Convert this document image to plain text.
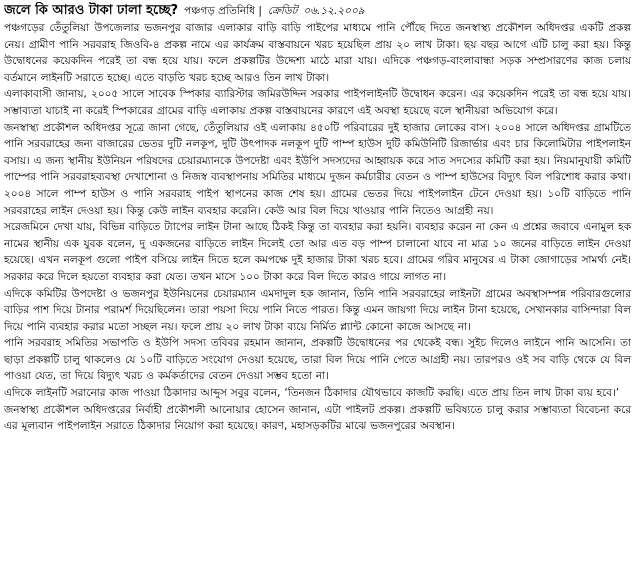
জলে কি আরও টাকা ঢালা হচ্ছে? পঞ্চগড় প্রতিনিধি | ক্রেডিট ০৬.১২.২০০৯

পঞ্চগড়ের তেঁতুলিয়া উপজেলার ভজনপুর বাজার এলাকার বাড়ি বাড়ি পাইপের মাধ্যমে পানি পৌঁছে দিতে জনস্বাস্থ্য প্রকৌশল অধিদপ্তর একটি প্রকল্প নেয়। গ্রামীণ পানি সরবরাহ জিওবি-৪ প্রকল্প নামে এর কার্যক্রম বাস্তবায়নে খরচ হয়েছিল প্রায় ২০ লাখ টাকা। ছয় বছর আগে এটি চালু করা হয়। কিন্তু উদ্বোধনের কয়েকদিন পরেই তা বন্ধ হয়ে যায়। ফলে প্রকল্পটির উদ্দেশ্য মাঠে মারা যায়। এদিকে পঞ্চগড়-বাংলাবান্ধা সড়ক সম্প্রসারণের কাজ চলায় বর্তমানে লাইনটি সরাতে হচ্ছে। এতে বাড়তি খরচ হচ্ছে আরও তিন লাখ টাকা।

এলাকাবাসী জানায়, ২০০৫ সালে সাবেক স্পিকার ব্যারিস্টার জমিরউদ্দিন সরকার পাইপলাইনটি উদ্বোধন করেন। এর কয়েকদিন পরেই তা বন্ধ হয়ে যায়। সম্ভাব্যতা যাচাই না করেই স্পিকারের গ্রামের বাড়ি এলাকায় প্রকল্প বাস্তবায়নের কারণে এই অবস্থা হয়েছে বলে স্থানীয়রা অভিযোগ করে।

জনস্বাস্থ্য প্রকৌশল অধিদপ্তর সূত্রে জানা গেছে, তেঁতুলিয়ার ওই এলাকায় ৪৫০টি পরিবারের দুই হাজার লোকের বাস। ২০০৪ সালে অধিদপ্তর গ্রামটিতে পানি সরবরাহের জন্য বাজারের ভেতর দুটি নলকূপ, দুটি উৎপাদক নলকূপ দুটি পাম্প হাউস দুটি কমিউনিটি রিজার্ভার এবং চার কিলোমিটার পাইপলাইন বসায়। এ জন্য স্থানীয় ইউনিয়ন পরিষদের চেয়ারম্যানকে উপদেষ্টা এবং ইউপি সদস্যদের আহ্বায়ক করে সাত সদস্যের কমিটি করা হয়। নিয়মানুযায়ী কমিটি পাম্পের পানি সরবরাহব্যবস্থা দেখাশোনা ও নিজস্ব ব্যবস্থাপনায় সমিতির মাধ্যমে দুজন কর্মচারীর বেতন ও পাম্প হাউসের বিদ্যুৎ বিল পরিশোধ করার কথা। ২০০৪ সালে পাম্প হাউস ও পানি সরবরাহ পাইপ স্থাপনের কাজ শেষ হয়। গ্রামের ভেতর দিয়ে পাইপলাইন টেনে দেওয়া হয়। ১০টি বাড়িতে পানি সরবরাহের লাইন দেওয়া হয়। কিন্তু কেউ লাইন ব্যবহার করেনি। কেউ আর বিল দিয়ে খাওয়ার পানি নিতেও আগ্রহী নয়।

সরেজমিনে দেখা যায়, বিভিন্ন বাড়িতে ট্যাপের লাইন টানা আছে ঠিকই কিন্তু তা ব্যবহার করা হয়নি। ব্যবহার করেন না কেন এ প্রশ্নের জবাবে এনামুল হক নামের স্থানীয় এক যুবক বলেন, দু একজনের বাড়িতে লাইন দিলেই তো আর এত বড় পাম্প চালানো যাবে না মাত্র ১০ জনের বাড়িতে লাইন দেওয়া হয়েছে। এখন নলকূপ গুলো পাইপ বসিয়ে লাইন দিতে হলে কমপক্ষে দুই হাজার টাকা খরচ হবে। গ্রামের গরিব মানুষের এ টাকা জোগাড়ের সামর্থ্য নেই। সরকার করে দিলে হয়তো ব্যবহার করা যেত। তখন মাসে ১০০ টাকা করে বিল দিতে কারও গায়ে লাগত না।

এদিকে কমিটির উপদেষ্টা ও ভজনপুর ইউনিয়নের চেয়ারম্যান এমদাদুল হক জানান, তিনি পানি সরবরাহের লাইনটা গ্রামের অবস্থাসম্পন্ন পরিবারগুলোর বাড়ির পাশ দিয়ে টানার পরামর্শ দিয়েছিলেন। তারা পয়সা দিয়ে পানি নিতে পারত। কিন্তু এমন জায়গা দিয়ে লাইন টানা হয়েছে, সেখানকার বাসিন্দারা বিল দিয়ে পানি ব্যবহার করার মতো সচ্ছল নয়। ফলে প্রায় ২০ লাখ টাকা ব্যয়ে নির্মিত প্ল্যান্ট কোনো কাজে আসছে না।

পানি সরবরাহ সমিতির সভাপতি ও ইউপি সদস্য তবিবর রহমান জানান, প্রকল্পটি উদ্বোধনের পর থেকেই বন্ধ। সুইচ দিলেও লাইনে পানি আসেনি। তা ছাড়া প্রকল্পটি চালু থাকলেও যে ১০টি বাড়িতে সংযোগ দেওয়া হয়েছে, তারা বিল দিয়ে পানি পেতে আগ্রহী নয়। তারপরও ওই সব বাড়ি থেকে যে বিল পাওয়া যেত, তা দিয়ে বিদ্যুৎ খরচ ও কর্মকর্তাদের বেতন দেওয়া সম্ভব হতো না।

এদিকে লাইনটি সরানোর কাজ পাওয়া ঠিকাদার আব্দুস সবুর বলেন, ‘তিনজন ঠিকাদার যৌথভাবে কাজটি করছি। এতে প্রায় তিন লাখ টাকা ব্যয় হবে।’

জনস্বাস্থ্য প্রকৌশল অধিদপ্তরের নির্বাহী প্রকৌশলী আনোয়ার হোসেন জানান, এটা পাইলট প্রকল্প। প্রকল্পটি ভবিষ্যতে চালু করার সম্ভাব্যতা বিবেচনা করে এর মূল্যবান পাইপলাইন সরাতে ঠিকাদার নিয়োগ করা হয়েছে। কারণ, মহাসড়কটির মাঝে ভজনপুরের অবস্থান।
